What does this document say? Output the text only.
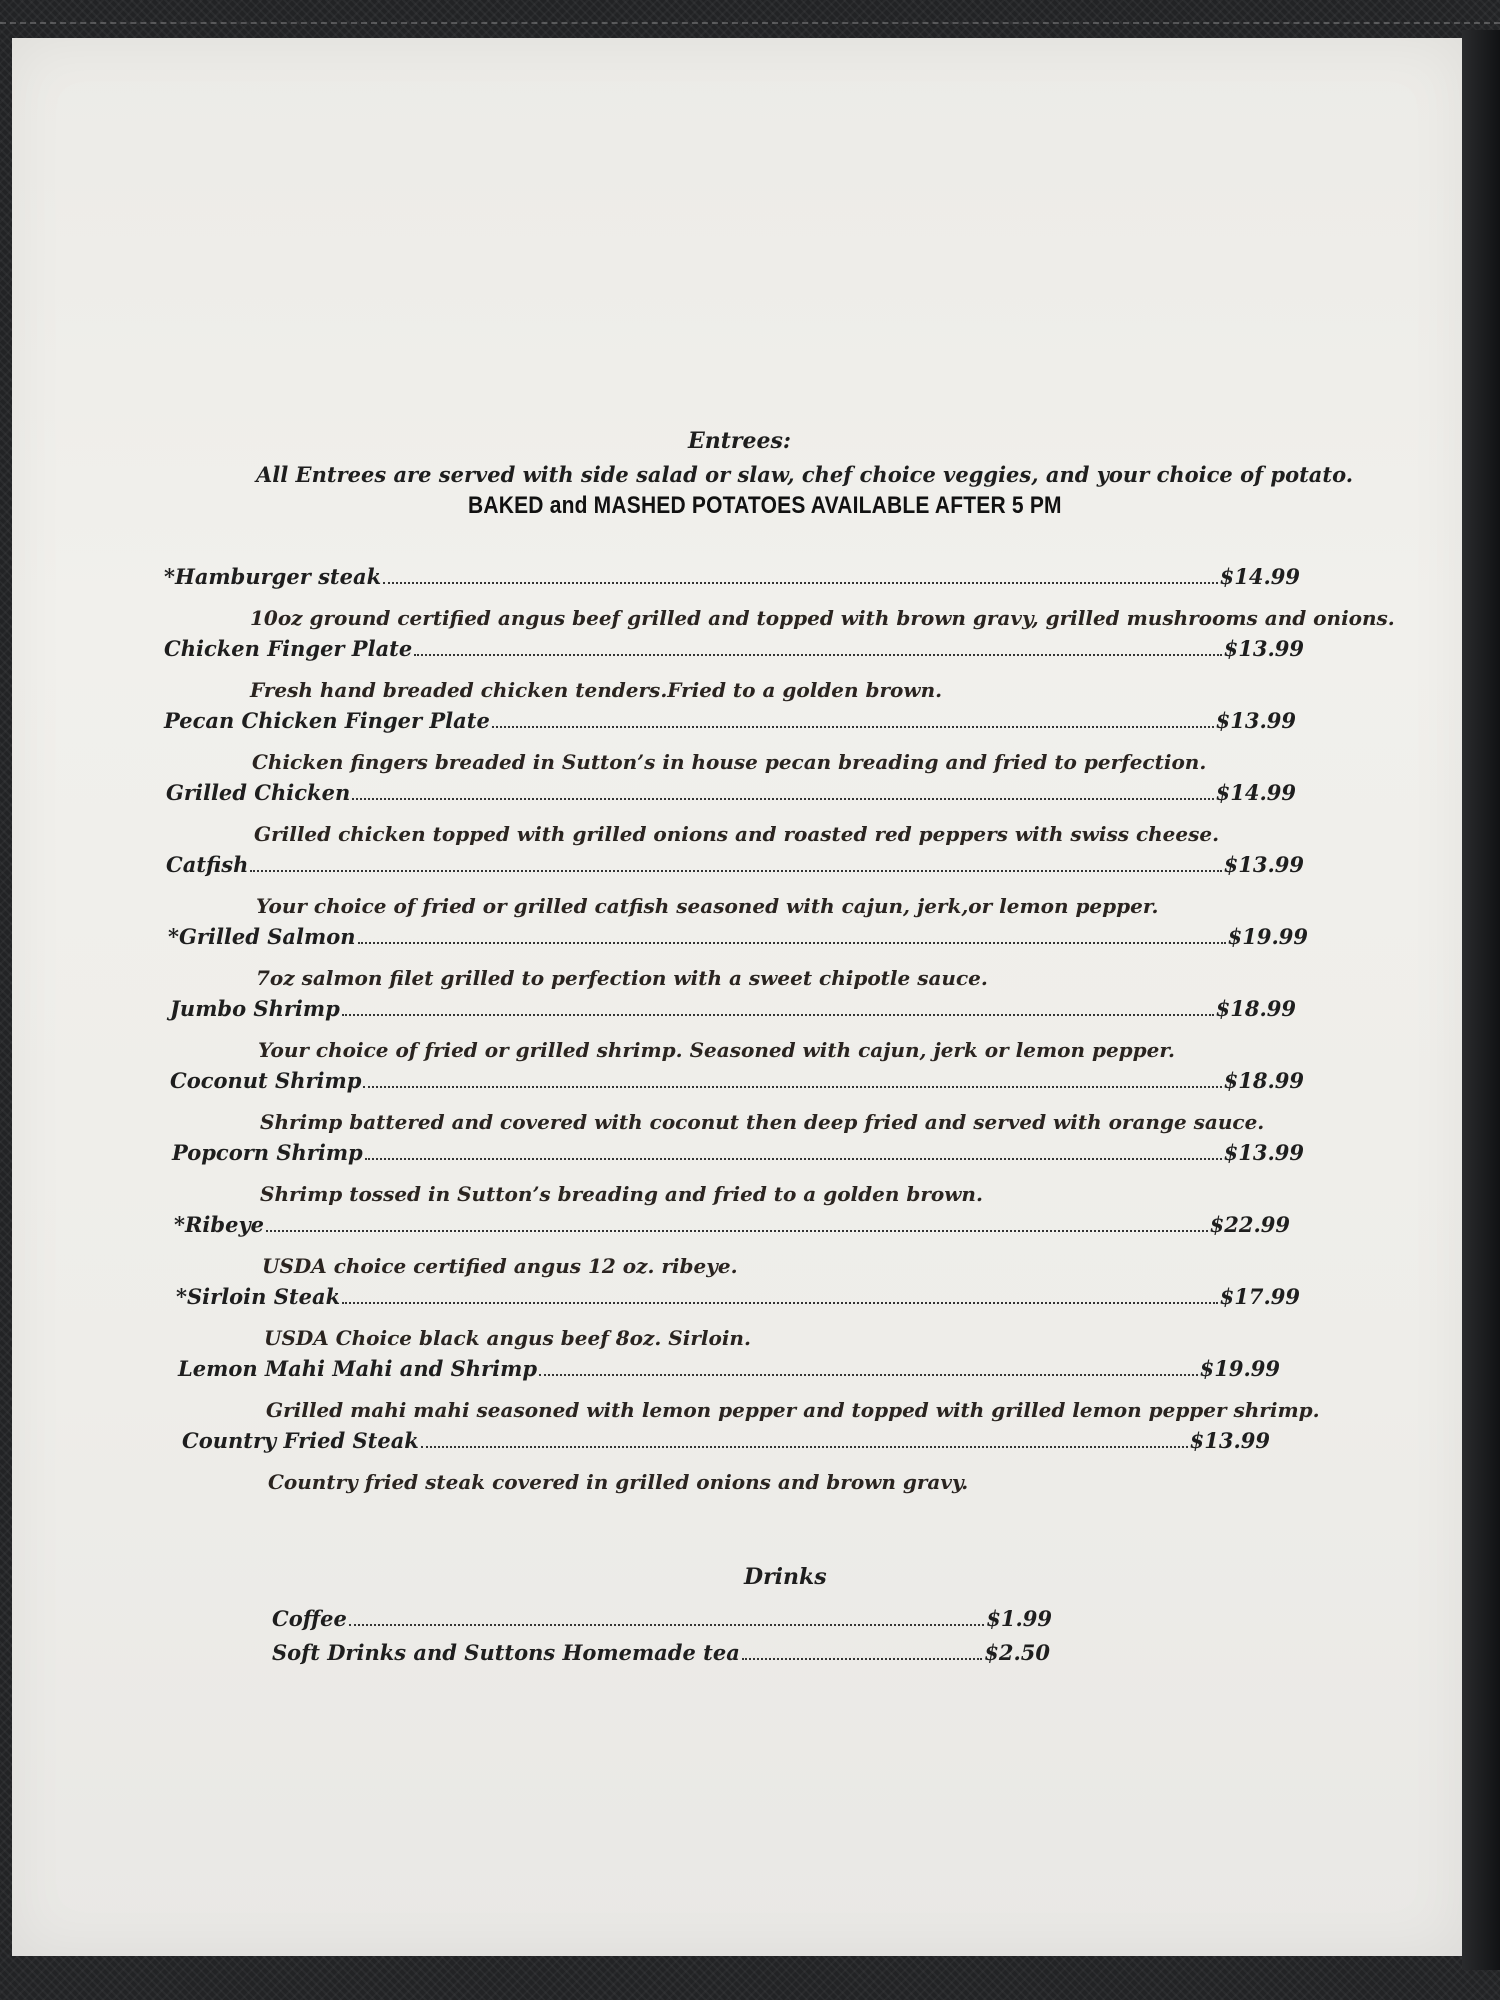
Entrees:
All Entrees are served with side salad or slaw, chef choice veggies, and your choice of potato.
BAKED and MASHED POTATOES AVAILABLE AFTER 5 PM
*Hamburger steak	$14.99
10oz ground certified angus beef grilled and topped with brown gravy, grilled mushrooms and onions.
Chicken Finger Plate	$13.99
Fresh hand breaded chicken tenders.Fried to a golden brown.
Pecan Chicken Finger Plate	$13.99
Chicken fingers breaded in Sutton’s in house pecan breading and fried to perfection.
Grilled Chicken	$14.99
Grilled chicken topped with grilled onions and roasted red peppers with swiss cheese.
Catfish	$13.99
Your choice of fried or grilled catfish seasoned with cajun, jerk,or lemon pepper.
*Grilled Salmon	$19.99
7oz salmon filet grilled to perfection with a sweet chipotle sauce.
Jumbo Shrimp	$18.99
Your choice of fried or grilled shrimp. Seasoned with cajun, jerk or lemon pepper.
Coconut Shrimp	$18.99
Shrimp battered and covered with coconut then deep fried and served with orange sauce.
Popcorn Shrimp	$13.99
Shrimp tossed in Sutton’s breading and fried to a golden brown.
*Ribeye	$22.99
USDA choice certified angus 12 oz. ribeye.
*Sirloin Steak	$17.99
USDA Choice black angus beef 8oz. Sirloin.
Lemon Mahi Mahi and Shrimp	$19.99
Grilled mahi mahi seasoned with lemon pepper and topped with grilled lemon pepper shrimp.
Country Fried Steak	$13.99
Country fried steak covered in grilled onions and brown gravy.
Drinks
Coffee	$1.99
Soft Drinks and Suttons Homemade tea	$2.50
